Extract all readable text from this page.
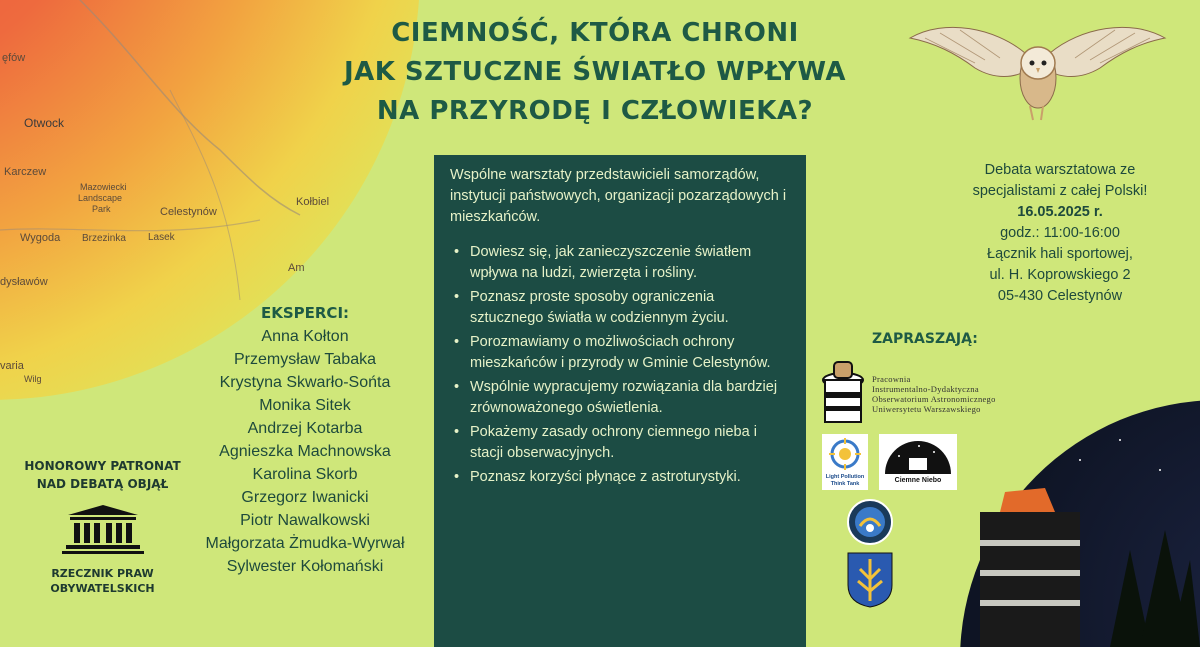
ęfów
Otwock
Karczew
Mazowiecki
Landscape
Park	Celestynów
Kołbiel
Wygoda Brzezinka Lasek
dysławów
Am
varia
Wilg
CIEMNOŚĆ, KTÓRA CHRONI
JAK SZTUCZNE ŚWIATŁO WPŁYWA
NA PRZYRODĘ I CZŁOWIEKA?

Wspólne warsztaty przedstawicieli samorządów, instytucji państwowych, organizacji pozarządowych i mieszkańców.

• Dowiesz się, jak zanieczyszczenie światłem wpływa na ludzi, zwierzęta i rośliny.
• Poznasz proste sposoby ograniczenia sztucznego światła w codziennym życiu.
• Porozmawiamy o możliwościach ochrony mieszkańców i przyrody w Gminie Celestynów.
• Wspólnie wypracujemy rozwiązania dla bardziej zrównoważonego oświetlenia.
• Pokażemy zasady ochrony ciemnego nieba i stacji obserwacyjnych.
• Poznasz korzyści płynące z astroturystyki.
EKSPERCI:
Anna Kołton
Przemysław Tabaka
Krystyna Skwarło-Sońta
Monika Sitek
Andrzej Kotarba
Agnieszka Machnowska
Karolina Skorb
Grzegorz Iwanicki
Piotr Nawalkowski
Małgorzata Żmudka-Wyrwał
Sylwester Kołomański
HONOROWY PATRONAT
NAD DEBATĄ OBJĄŁ
RZECZNIK PRAW
OBYWATELSKICH
Debata warsztatowa ze
specjalistami z całej Polski!
16.05.2025 r.
godz.: 11:00-16:00
Łącznik hali sportowej,
ul. H. Koprowskiego 2
05-430 Celestynów
ZAPRASZAJĄ:
Pracownia
Instrumentalno-Dydaktyczna
Obserwatorium Astronomicznego
Uniwersytetu Warszawskiego
Light Pollution
Think Tank	Ciemne Niebo
